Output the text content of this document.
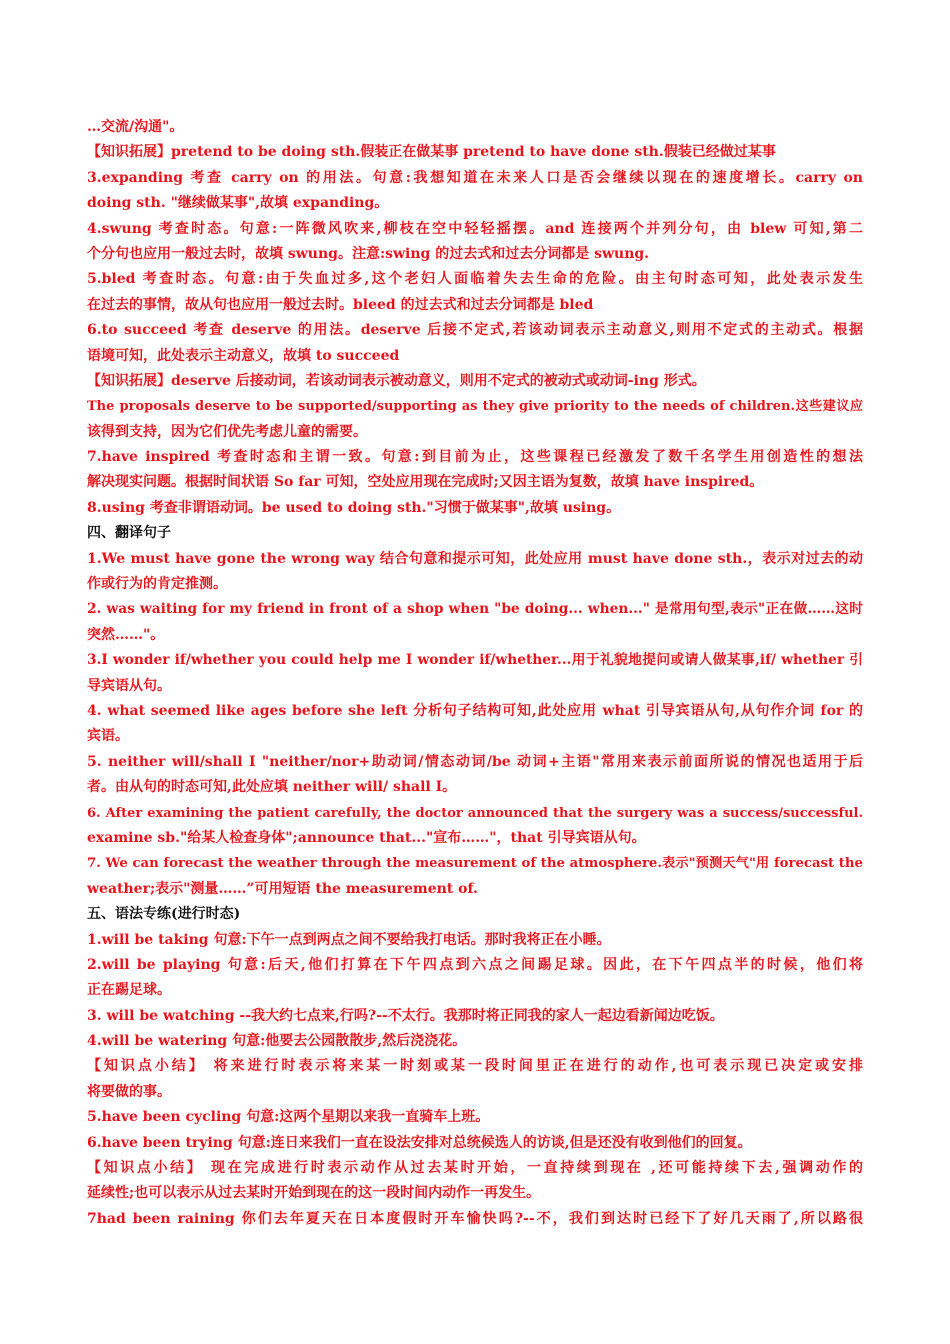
…交流/沟通"。
【知识拓展】pretend to be doing sth.假装正在做某事 pretend to have done sth.假装已经做过某事
3.expanding 考查 carry on 的用法。句意:我想知道在未来人口是否会继续以现在的速度增长。carry on
doing sth. "继续做某事",故填 expanding。
4.swung 考查时态。句意:一阵微风吹来,柳枝在空中轻轻摇摆。and 连接两个并列分句，由 blew 可知,第二
个分句也应用一般过去时，故填 swung。注意:swing 的过去式和过去分词都是 swung.
5.bled 考查时态。句意:由于失血过多,这个老妇人面临着失去生命的危险。由主句时态可知，此处表示发生
在过去的事情，故从句也应用一般过去时。bleed 的过去式和过去分词都是 bled
6.to succeed 考查 deserve 的用法。deserve 后接不定式,若该动词表示主动意义,则用不定式的主动式。根据
语境可知，此处表示主动意义，故填 to succeed
【知识拓展】deserve 后接动词，若该动词表示被动意义，则用不定式的被动式或动词-ing 形式。
The proposals deserve to be supported/supporting as they give priority to the needs of children.这些建议应
该得到支持，因为它们优先考虑儿童的需要。
7.have inspired 考查时态和主谓一致。句意:到目前为止，这些课程已经激发了数千名学生用创造性的想法
解决现实问题。根据时间状语 So far 可知，空处应用现在完成时;又因主语为复数，故填 have inspired。
8.using 考查非谓语动词。be used to doing sth."习惯于做某事",故填 using。
四、翻译句子
1.We must have gone the wrong way 结合句意和提示可知，此处应用 must have done sth.，表示对过去的动
作或行为的肯定推测。
2. was waiting for my friend in front of a shop when "be doing... when..." 是常用句型,表示"正在做……这时
突然……"。
3.I wonder if/whether you could help me I wonder if/whether...用于礼貌地提问或请人做某事,if/ whether 引
导宾语从句。
4. what seemed like ages before she left 分析句子结构可知,此处应用 what 引导宾语从句,从句作介词 for 的
宾语。
5. neither will/shall I "neither/nor+助动词/情态动词/be 动词+主语"常用来表示前面所说的情况也适用于后
者。由从句的时态可知,此处应填 neither will/ shall I。
6. After examining the patient carefully, the doctor announced that the surgery was a success/successful.
examine sb."给某人检查身体";announce that..."宣布……"，that 引导宾语从句。
7. We can forecast the weather through the measurement of the atmosphere.表示"预测天气"用 forecast the
weather;表示"测量……”可用短语 the measurement of.
五、语法专练(进行时态)
1.will be taking 句意:下午一点到两点之间不要给我打电话。那时我将正在小睡。
2.will be playing 句意:后天,他们打算在下午四点到六点之间踢足球。因此，在下午四点半的时候，他们将
正在踢足球。
3. will be watching --我大约七点来,行吗?--不太行。我那时将正同我的家人一起边看新闻边吃饭。
4.will be watering 句意:他要去公园散散步,然后浇浇花。
【知识点小结】 将来进行时表示将来某一时刻或某一段时间里正在进行的动作,也可表示现已决定或安排
将要做的事。
5.have been cycling 句意:这两个星期以来我一直骑车上班。
6.have been trying 句意:连日来我们一直在设法安排对总统候选人的访谈,但是还没有收到他们的回复。
【知识点小结】 现在完成进行时表示动作从过去某时开始，一直持续到现在 ,还可能持续下去,强调动作的
延续性;也可以表示从过去某时开始到现在的这一段时间内动作一再发生。
7had been raining 你们去年夏天在日本度假时开车愉快吗?--不，我们到达时已经下了好几天雨了,所以路很
